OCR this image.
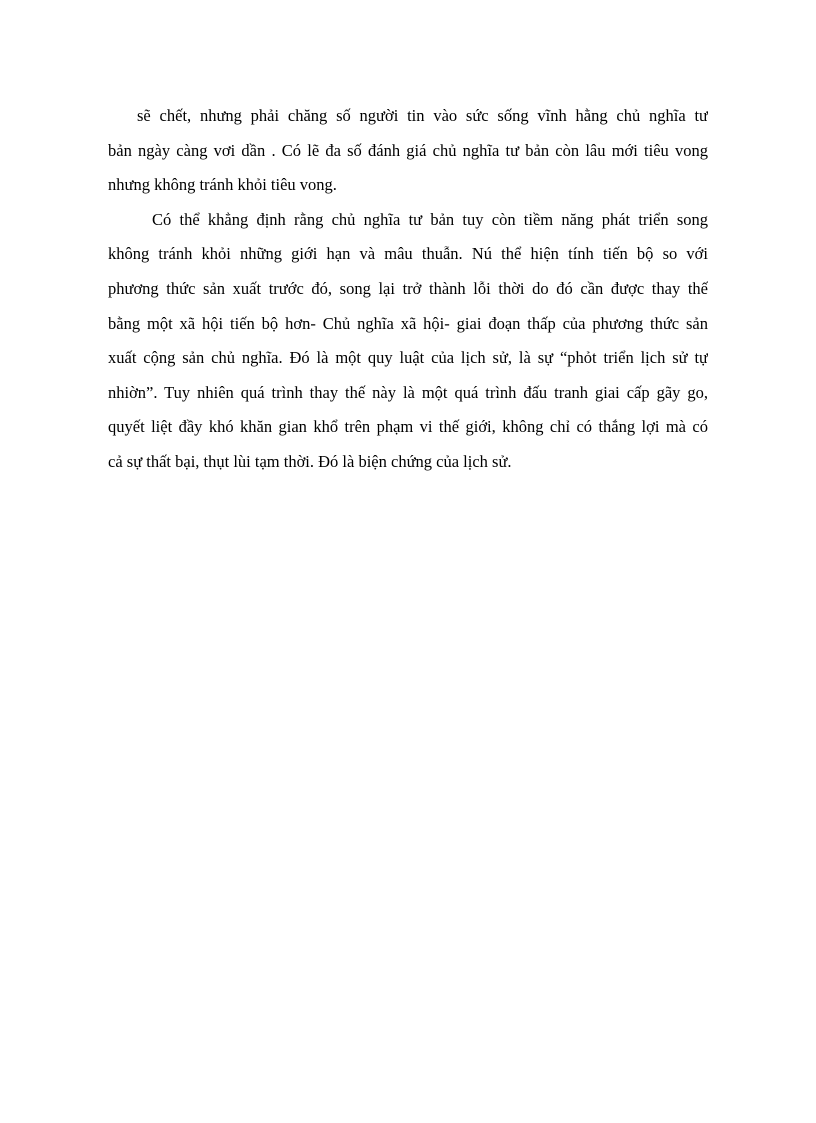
sẽ chết, nhưng phải chăng số người tin vào sức sống vĩnh hằng chủ nghĩa tư
bản ngày càng vơi dần . Có lẽ đa số đánh giá chủ nghĩa tư bản còn lâu mới tiêu vong
nhưng không tránh khỏi tiêu vong.
Có thể khẳng định rằng chủ nghĩa tư bản tuy còn tiềm năng phát triển song
không tránh khỏi những giới hạn và mâu thuẫn. Nú thể hiện tính tiến bộ so với
phương thức sản xuất trước đó, song lại trở thành lỗi thời do đó cần được thay thế
bằng một xã hội tiến bộ hơn- Chủ nghĩa xã hội- giai đoạn thấp của phương thức sản
xuất cộng sản chủ nghĩa. Đó là một quy luật của lịch sử, là sự “phỏt triển lịch sử tự
nhiờn”. Tuy nhiên quá trình thay thế này là một quá trình đấu tranh giai cấp gãy go,
quyết liệt đầy khó khăn gian khổ trên phạm vi thế giới, không chỉ có thắng lợi mà có
cả sự thất bại, thụt lùi tạm thời. Đó là biện chứng của lịch sử.
